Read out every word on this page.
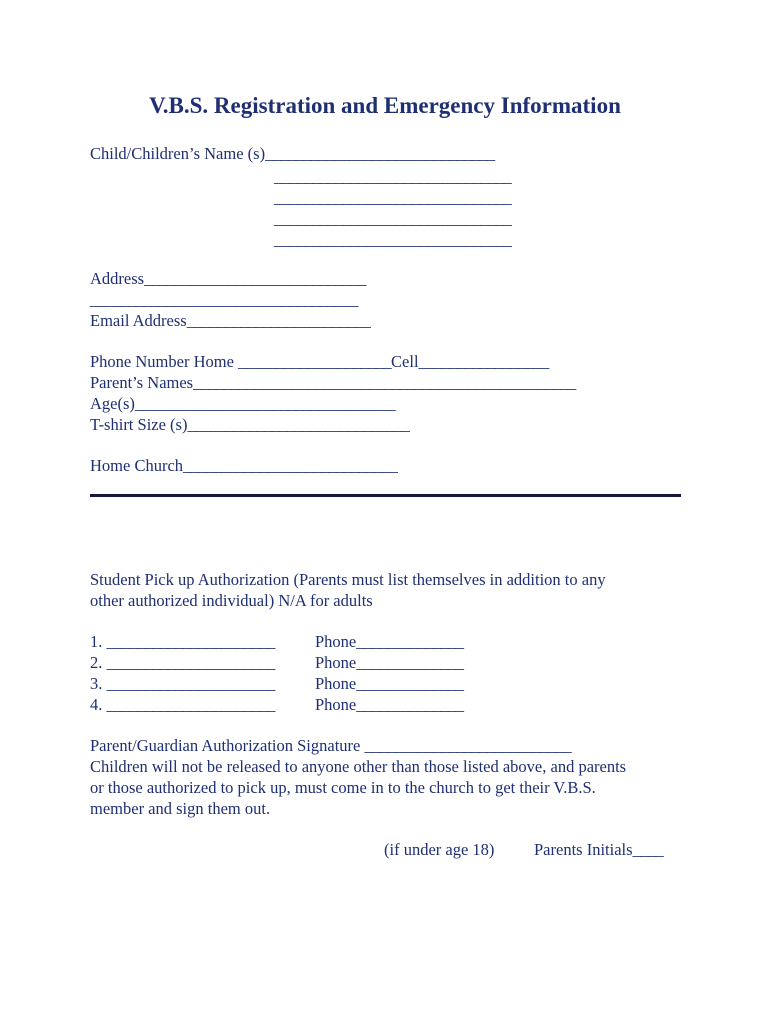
V.B.S. Registration and Emergency Information
Child/Children’s Name (s)______________________________
_______________________________
_______________________________
_______________________________
_______________________________
Address_____________________________
___________________________________
Email Address________________________
Phone Number Home ____________________Cell_________________
Parent’s Names__________________________________________________
Age(s)__________________________________
T-shirt Size (s)_____________________________
Home Church____________________________
Student Pick up Authorization (Parents must list themselves in addition to any
other authorized individual) N/A for adults
1. ______________________ Phone______________
2. ______________________ Phone______________
3. ______________________ Phone______________
4. ______________________ Phone______________
Parent/Guardian Authorization Signature ___________________________
Children will not be released to anyone other than those listed above, and parents
or those authorized to pick up, must come in to the church to get their V.B.S.
member and sign them out.
(if under age 18) Parents Initials____
